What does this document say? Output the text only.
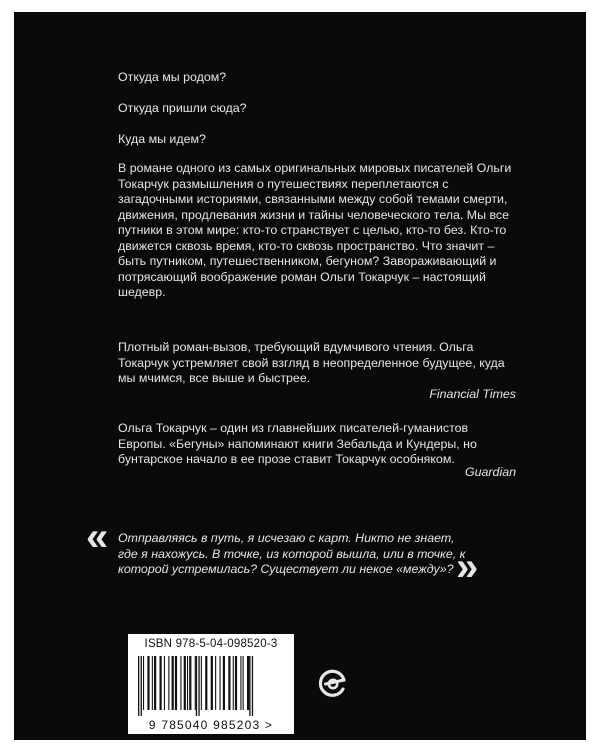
Откуда мы родом?

Откуда пришли сюда?

Куда мы идем?

В романе одного из самых оригинальных мировых писателей Ольги Токарчук размышления о путешествиях переплетаются с загадочными историями, связанными между собой темами смерти, движения, продлевания жизни и тайны человеческого тела. Мы все путники в этом мире: кто-то странствует с целью, кто-то без. Кто-то движется сквозь время, кто-то сквозь пространство. Что значит – быть путником, путешественником, бегуном? Завораживающий и потрясающий воображение роман Ольги Токарчук – настоящий шедевр.

Плотный роман-вызов, требующий вдумчивого чтения. Ольга Токарчук устремляет свой взгляд в неопределенное будущее, куда мы мчимся, все выше и быстрее.

Financial Times

Ольга Токарчук – один из главнейших писателей-гуманистов Европы. «Бегуны» напоминают книги Зебальда и Кундеры, но бунтарское начало в ее прозе ставит Токарчук особняком.

Guardian
« Отправляясь в путь, я исчезаю с карт. Никто не знает, где я нахожусь. В точке, из которой вышла, или в точке, к которой устремилась? Существует ли некое «между»? »
ISBN 978-5-04-098520-3
9 785040 985203 >
